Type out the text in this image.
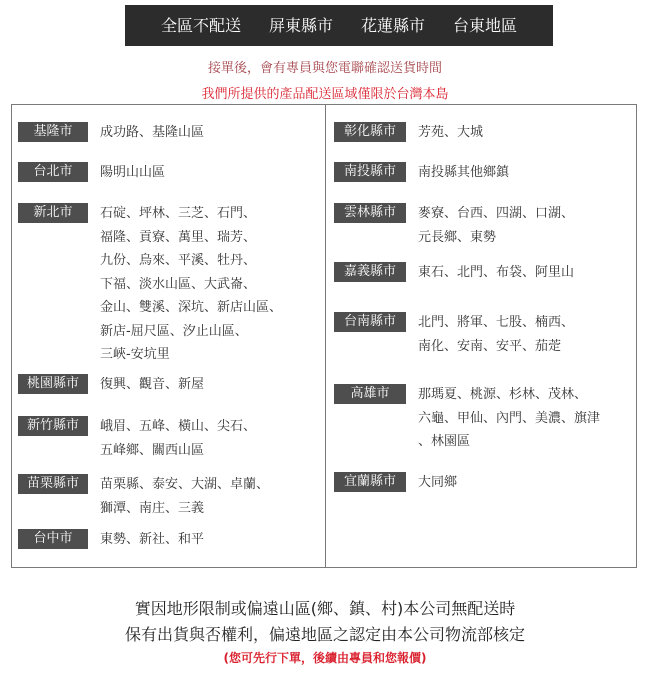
全區不配送 屏東縣市 花蓮縣市 台東地區
接單後，會有專員與您電聯確認送貨時間
我們所提供的產品配送區域僅限於台灣本島
基隆市	成功路、基隆山區
台北市	陽明山山區
新北市	石碇、坪林、三芝、石門、
福隆、貢寮、萬里、瑞芳、
九份、烏來、平溪、牡丹、
下福、淡水山區、大武崙、
金山、雙溪、深坑、新店山區、
新店-屈尺區、汐止山區、
三峽-安坑里
桃園縣市	復興、觀音、新屋
新竹縣市	峨眉、五峰、橫山、尖石、
五峰鄉、關西山區
苗栗縣市	苗栗縣、泰安、大湖、卓蘭、
獅潭、南庄、三義
台中市	東勢、新社、和平
彰化縣市	芳苑、大城
南投縣市	南投縣其他鄉鎮
雲林縣市	麥寮、台西、四湖、口湖、
元長鄉、東勢
嘉義縣市	東石、北門、布袋、阿里山
台南縣市	北門、將軍、七股、楠西、
南化、安南、安平、茄萣
高雄市	那瑪夏、桃源、杉林、茂林、
六龜、甲仙、內門、美濃、旗津
、林園區
宜蘭縣市	大同鄉
實因地形限制或偏遠山區(鄉、鎮、村)本公司無配送時
保有出貨與否權利，偏遠地區之認定由本公司物流部核定
(您可先行下單，後續由專員和您報價)
